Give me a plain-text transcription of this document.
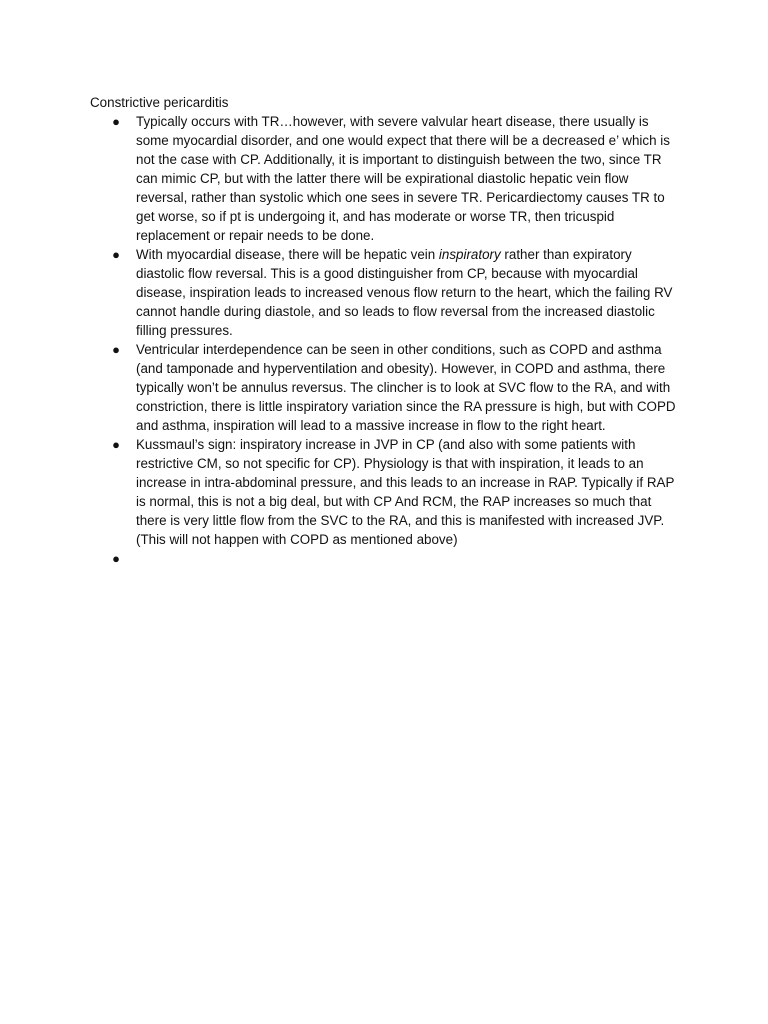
Constrictive pericarditis

● Typically occurs with TR…however, with severe valvular heart disease, there usually is some myocardial disorder, and one would expect that there will be a decreased e’ which is not the case with CP. Additionally, it is important to distinguish between the two, since TR can mimic CP, but with the latter there will be expirational diastolic hepatic vein flow reversal, rather than systolic which one sees in severe TR. Pericardiectomy causes TR to get worse, so if pt is undergoing it, and has moderate or worse TR, then tricuspid replacement or repair needs to be done.
● With myocardial disease, there will be hepatic vein inspiratory rather than expiratory diastolic flow reversal. This is a good distinguisher from CP, because with myocardial disease, inspiration leads to increased venous flow return to the heart, which the failing RV cannot handle during diastole, and so leads to flow reversal from the increased diastolic filling pressures.
● Ventricular interdependence can be seen in other conditions, such as COPD and asthma (and tamponade and hyperventilation and obesity). However, in COPD and asthma, there typically won’t be annulus reversus. The clincher is to look at SVC flow to the RA, and with constriction, there is little inspiratory variation since the RA pressure is high, but with COPD and asthma, inspiration will lead to a massive increase in flow to the right heart.
● Kussmaul’s sign: inspiratory increase in JVP in CP (and also with some patients with restrictive CM, so not specific for CP). Physiology is that with inspiration, it leads to an increase in intra-abdominal pressure, and this leads to an increase in RAP. Typically if RAP is normal, this is not a big deal, but with CP And RCM, the RAP increases so much that there is very little flow from the SVC to the RA, and this is manifested with increased JVP. (This will not happen with COPD as mentioned above)
●
